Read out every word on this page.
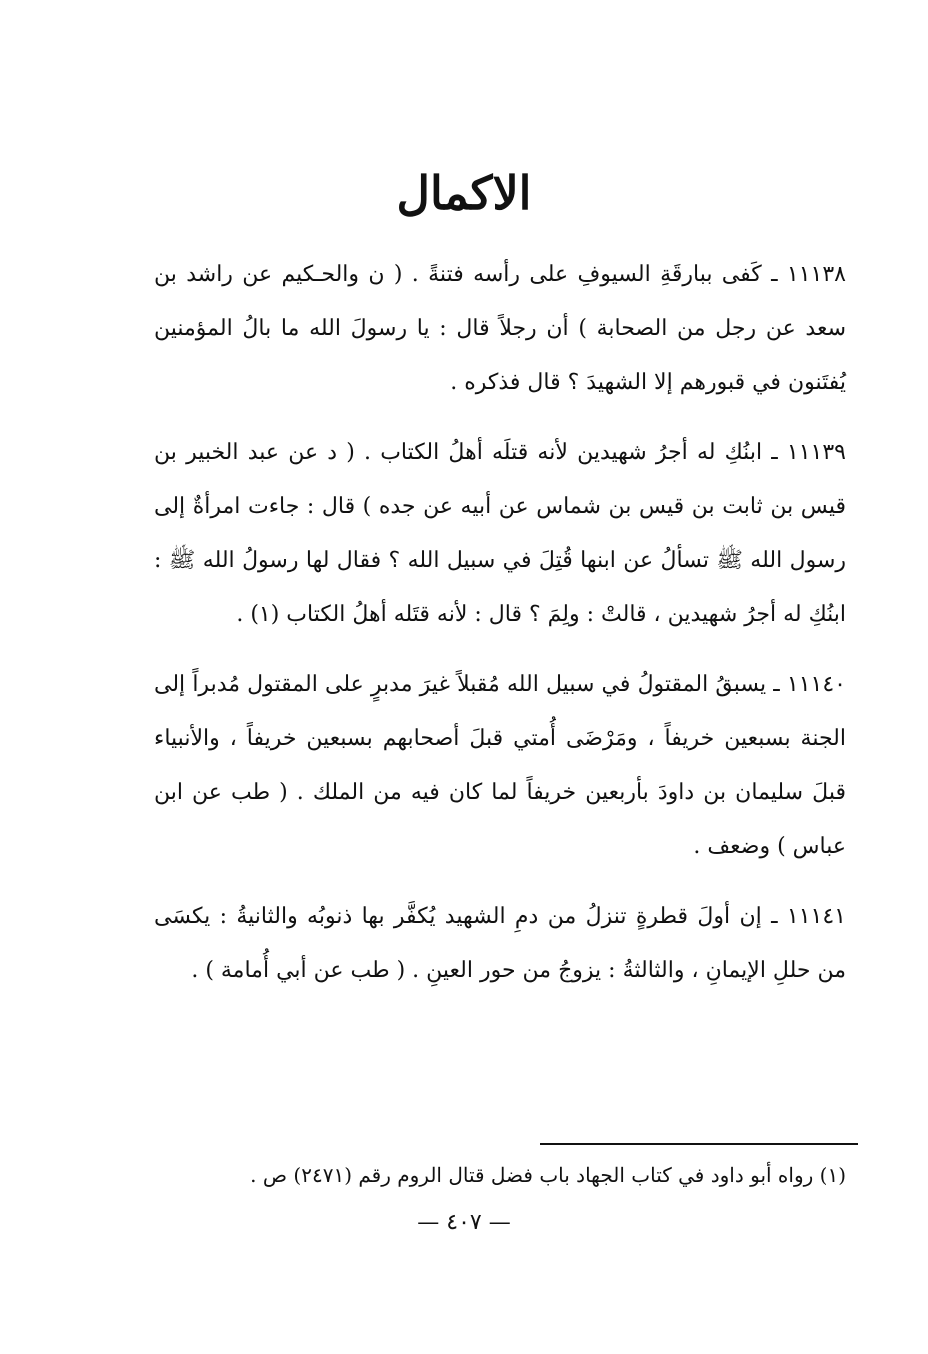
الاكمال

١١١٣٨ ـ كَفى ببارقَةِ السيوفِ على رأسه فتنةً . ( ن والحـكيم عن راشد بن سعد عن رجل من الصحابة ) أن رجلاً قال : يا رسولَ الله ما بالُ المؤمنين يُفتَنون في قبورهم إلا الشهيدَ ؟ قال فذكره .

١١١٣٩ ـ ابنُكِ له أجرُ شهيدين لأنه قتلَه أهلُ الكتاب . ( د عن عبد الخبير بن قيس بن ثابت بن قيس بن شماس عن أبيه عن جده ) قال : جاءت امرأةٌ إلى رسول الله ﷺ تسألُ عن ابنها قُتِلَ في سبيل الله ؟ فقال لها رسولُ الله ﷺ : ابنُكِ له أجرُ شهيدين ، قالتْ : ولِمَ ؟ قال : لأنه قتَله أهلُ الكتاب (١) .

١١١٤٠ ـ يسبقُ المقتولُ في سبيل الله مُقبلاً غيرَ مدبرٍ على المقتول مُدبراً إلى الجنة بسبعين خريفاً ، ومَرْضَى أُمتي قبلَ أصحابهم بسبعين خريفاً ، والأنبياء قبلَ سليمان بن داودَ بأربعين خريفاً لما كان فيه من الملك . ( طب عن ابن عباس ) وضعف .

١١١٤١ ـ إن أولَ قطرةٍ تنزلُ من دمِ الشهيد يُكفَّر بها ذنوبُه والثانيةُ : يكسَى من حللِ الإيمانِ ، والثالثةُ : يزوجُ من حور العينِ . ( طب عن أبي أُمامة ) .

(١) رواه أبو داود في كتاب الجهاد باب فضل قتال الروم رقم (٢٤٧١) ص .

— ٤٠٧ —
